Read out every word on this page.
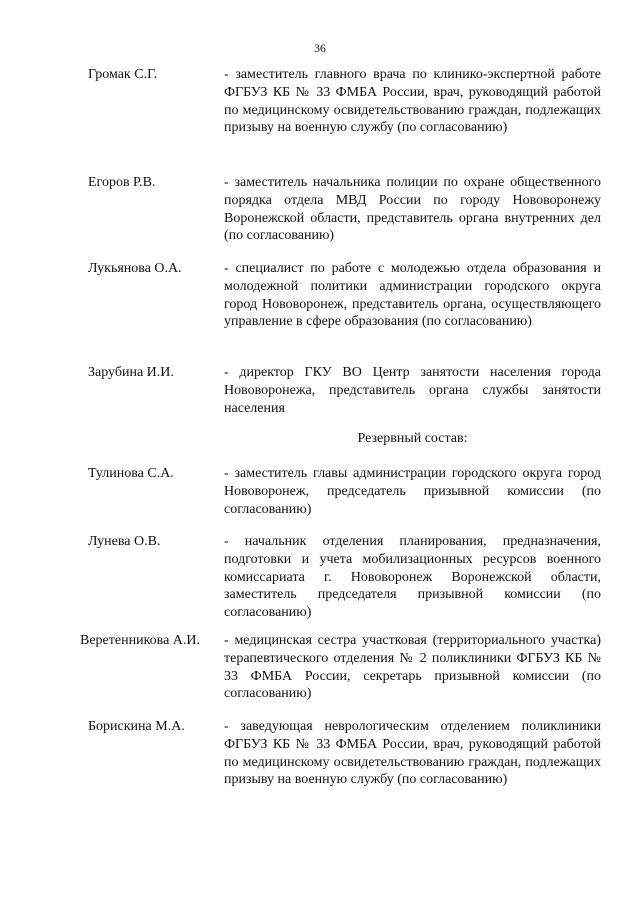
36
Громак С.Г.	- заместитель главного врача по клинико-экспертной работе ФГБУЗ КБ № 33 ФМБА России, врач, руководящий работой по медицинскому освидетельствованию граждан, подлежащих призыву на военную службу (по согласованию)
Егоров Р.В.	- заместитель начальника полиции по охране общественного порядка отдела МВД России по городу Нововоронежу Воронежской области, представитель органа внутренних дел (по согласованию)
Лукьянова О.А.	- специалист по работе с молодежью отдела образования и молодежной политики администрации городского округа город Нововоронеж, представитель органа, осуществляющего управление в сфере образования (по согласованию)
Зарубина И.И.	- директор ГКУ ВО Центр занятости населения города Нововоронежа, представитель органа службы занятости населения
Резервный состав:
Тулинова С.А.	- заместитель главы администрации городского округа город Нововоронеж, председатель призывной комиссии (по согласованию)
Лунева О.В.	- начальник отделения планирования, предназначения, подготовки и учета мобилизационных ресурсов военного комиссариата г. Нововоронеж Воронежской области, заместитель председателя призывной комиссии (по согласованию)
Веретенникова А.И. - медицинская сестра участковая (территориального участка) терапевтического отделения № 2 поликлиники ФГБУЗ КБ № 33 ФМБА России, секретарь призывной комиссии (по согласованию)
Борискина М.А.	- заведующая неврологическим отделением поликлиники ФГБУЗ КБ № 33 ФМБА России, врач, руководящий работой по медицинскому освидетельствованию граждан, подлежащих призыву на военную службу (по согласованию)
